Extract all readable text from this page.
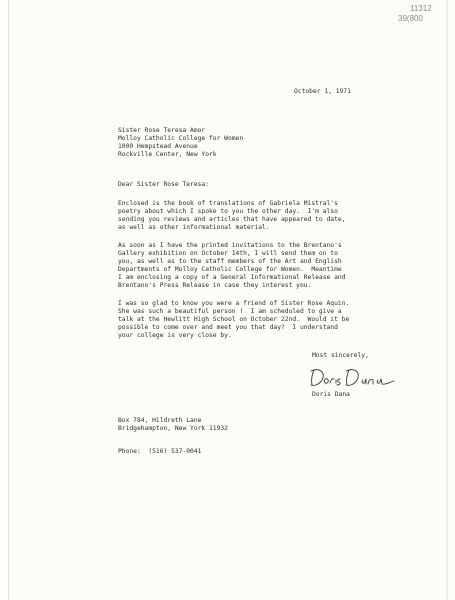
11312
39(800
October 1, 1971
Sister Rose Teresa Amor
Molloy Catholic College for Women
1000 Hempstead Avenue
Rockville Center, New York
Dear Sister Rose Teresa:
Enclosed is the book of translations of Gabriela Mistral's
poetry about which I spoke to you the other day.  I'm also
sending you reviews and articles that have appeared to date,
as well as other informational material.
As soon as I have the printed invitations to the Brentano's
Gallery exhibition on October 14th, I will send them on to
you, as well as to the staff members of the Art and English
Departments of Molloy Catholic College for Women.  Meantime
I am enclosing a copy of a General Informational Release and
Brentano's Press Release in case they interest you.
I was so glad to know you were a friend of Sister Rose Aquin.
She was such a beautiful person !  I am scheduled to give a
talk at the Hewlitt High School on October 22nd.  Would it be
possible to come over and meet you that day?  I understand
your college is very close by.
Most sincerely,
Doris Dana
Box 784, Hildreth Lane
Bridgehampton, New York 11932
Phone:  (516) 537-0041
